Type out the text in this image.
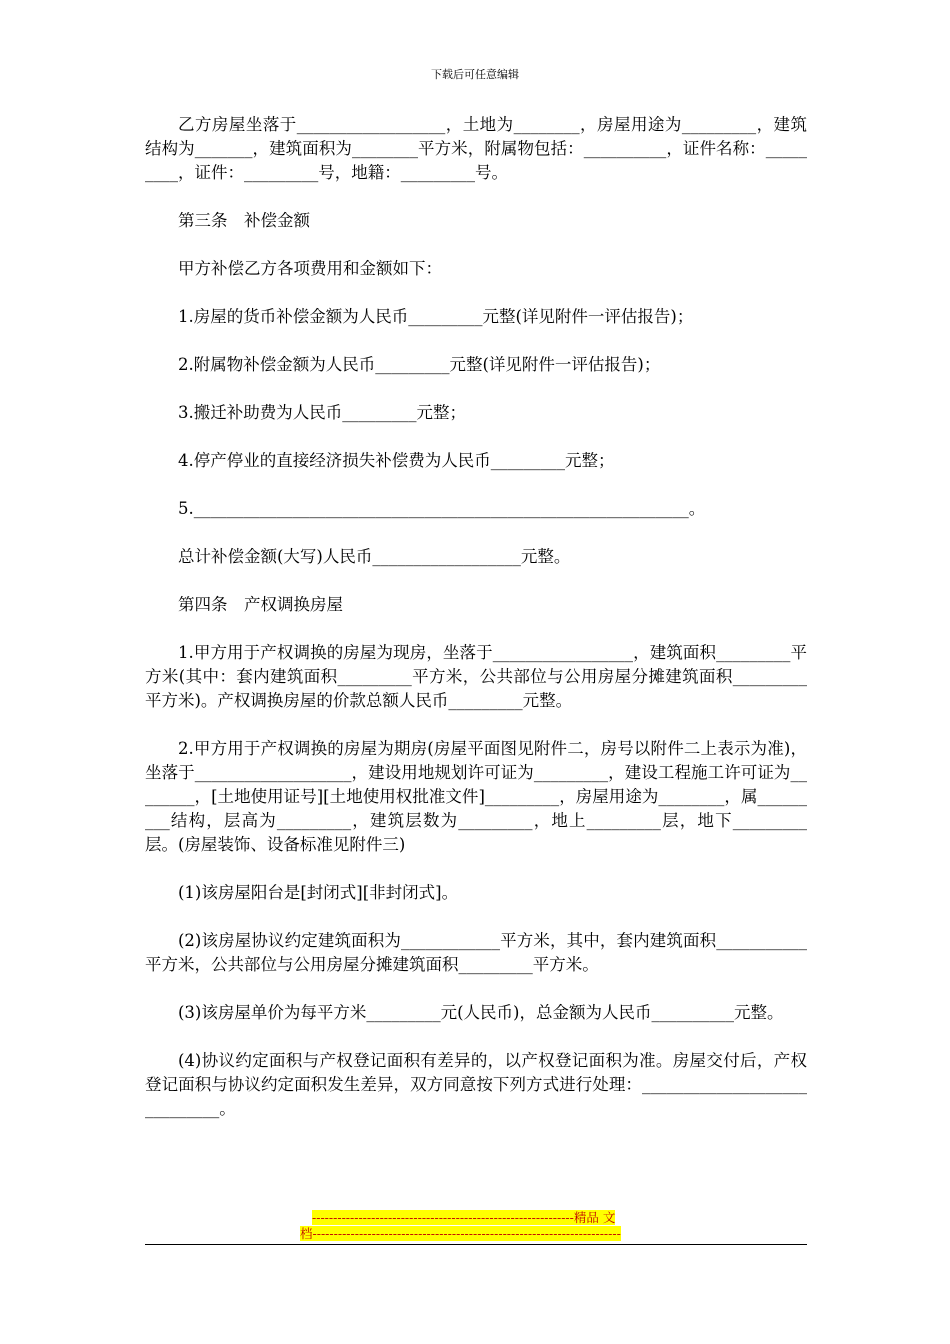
下载后可任意编辑

乙方房屋坐落于__________________，土地为________，房屋用途为_________，建筑结构为_______，建筑面积为________平方米，附属物包括：__________，证件名称：_________，证件：_________号，地籍：_________号。

第三条　补偿金额

甲方补偿乙方各项费用和金额如下：

1.房屋的货币补偿金额为人民币_________元整(详见附件一评估报告)；

2.附属物补偿金额为人民币_________元整(详见附件一评估报告)；

3.搬迁补助费为人民币_________元整；

4.停产停业的直接经济损失补偿费为人民币_________元整；

5.____________________________________________________________。

总计补偿金额(大写)人民币__________________元整。

第四条　产权调换房屋

1.甲方用于产权调换的房屋为现房，坐落于_________________，建筑面积_________平方米(其中：套内建筑面积_________平方米，公共部位与公用房屋分摊建筑面积_________平方米)。产权调换房屋的价款总额人民币_________元整。

2.甲方用于产权调换的房屋为期房(房屋平面图见附件二，房号以附件二上表示为准)，坐落于___________________，建设用地规划许可证为_________，建设工程施工许可证为________，[土地使用证号][土地使用权批准文件]_________，房屋用途为________，属_________结构，层高为_________，建筑层数为_________，地上_________层，地下_________层。(房屋装饰、设备标准见附件三)

(1)该房屋阳台是[封闭式][非封闭式]。

(2)该房屋协议约定建筑面积为____________平方米，其中，套内建筑面积___________平方米，公共部位与公用房屋分摊建筑面积_________平方米。

(3)该房屋单价为每平方米_________元(人民币)，总金额为人民币__________元整。

(4)协议约定面积与产权登记面积有差异的，以产权登记面积为准。房屋交付后，产权登记面积与协议约定面积发生差异，双方同意按下列方式进行处理：_____________________________。

--------------------------------------------------------------精品 文
档-------------------------------------------------------------------------
